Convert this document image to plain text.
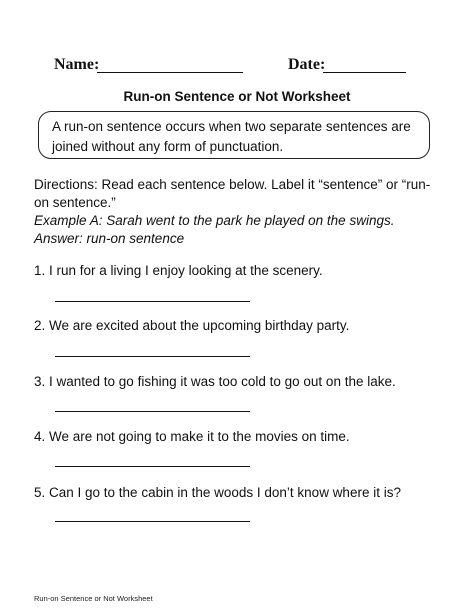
Name:	Date:
Run-on Sentence or Not Worksheet

A run-on sentence occurs when two separate sentences are joined without any form of punctuation.

Directions: Read each sentence below. Label it “sentence” or “run-on sentence.”

Example A: Sarah went to the park he played on the swings.

Answer: run-on sentence

1. I run for a living I enjoy looking at the scenery.
2. We are excited about the upcoming birthday party.
3. I wanted to go fishing it was too cold to go out on the lake.
4. We are not going to make it to the movies on time.
5. Can I go to the cabin in the woods I don’t know where it is?
Run-on Sentence or Not Worksheet
